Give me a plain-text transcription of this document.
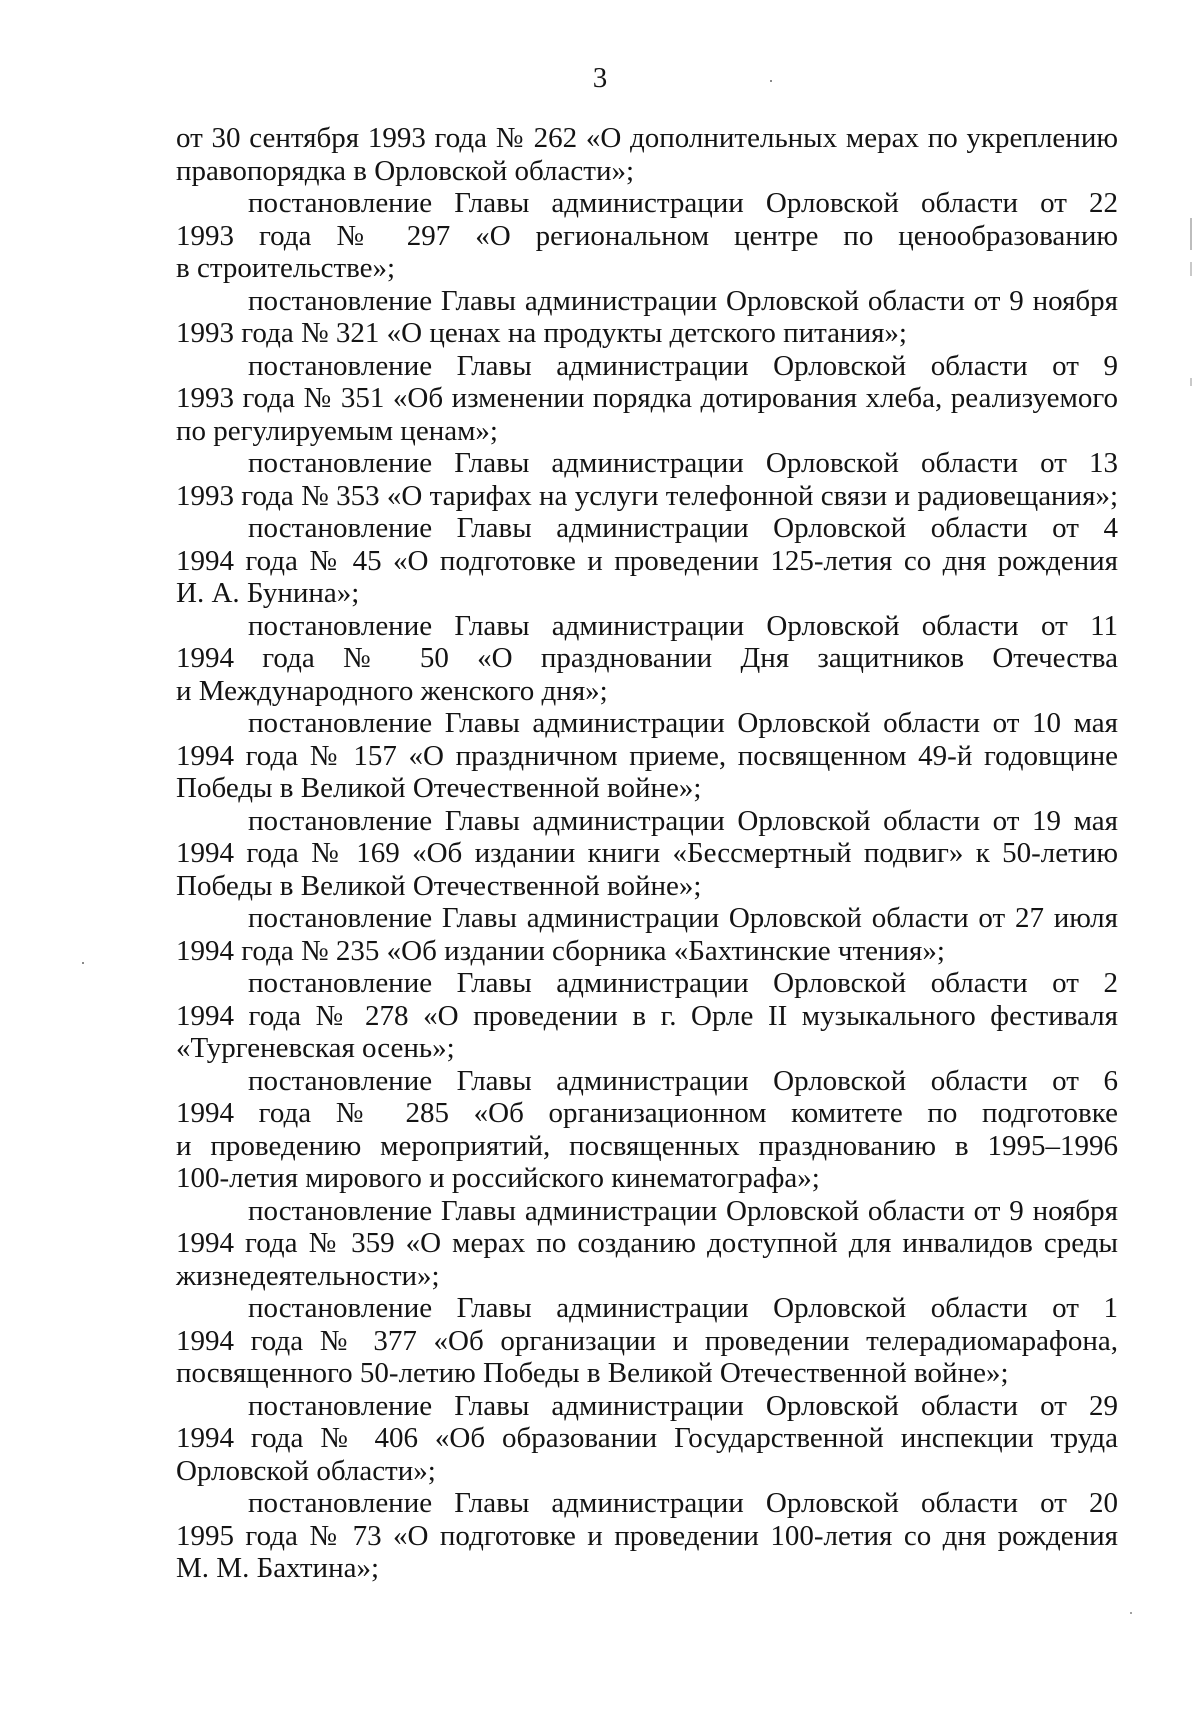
3
от 30 сентября 1993 года № 262 «О дополнительных мерах по укреплению
правопорядка в Орловской области»;
постановление Главы администрации Орловской области от 22
1993 года № 297 «О региональном центре по ценообразованию
в строительстве»;
постановление Главы администрации Орловской области от 9 ноября
1993 года № 321 «О ценах на продукты детского питания»;
постановление Главы администрации Орловской области от 9
1993 года № 351 «Об изменении порядка дотирования хлеба, реализуемого
по регулируемым ценам»;
постановление Главы администрации Орловской области от 13
1993 года № 353 «О тарифах на услуги телефонной связи и радиовещания»;
постановление Главы администрации Орловской области от 4
1994 года № 45 «О подготовке и проведении 125-летия со дня рождения
И. А. Бунина»;
постановление Главы администрации Орловской области от 11
1994 года № 50 «О праздновании Дня защитников Отечества
и Международного женского дня»;
постановление Главы администрации Орловской области от 10 мая
1994 года № 157 «О праздничном приеме, посвященном 49-й годовщине
Победы в Великой Отечественной войне»;
постановление Главы администрации Орловской области от 19 мая
1994 года № 169 «Об издании книги «Бессмертный подвиг» к 50-летию
Победы в Великой Отечественной войне»;
постановление Главы администрации Орловской области от 27 июля
1994 года № 235 «Об издании сборника «Бахтинские чтения»;
постановление Главы администрации Орловской области от 2
1994 года № 278 «О проведении в г. Орле II музыкального фестиваля
«Тургеневская осень»;
постановление Главы администрации Орловской области от 6
1994 года № 285 «Об организационном комитете по подготовке
и проведению мероприятий, посвященных празднованию в 1995–1996
100-летия мирового и российского кинематографа»;
постановление Главы администрации Орловской области от 9 ноября
1994 года № 359 «О мерах по созданию доступной для инвалидов среды
жизнедеятельности»;
постановление Главы администрации Орловской области от 1
1994 года № 377 «Об организации и проведении телерадиомарафона,
посвященного 50-летию Победы в Великой Отечественной войне»;
постановление Главы администрации Орловской области от 29
1994 года № 406 «Об образовании Государственной инспекции труда
Орловской области»;
постановление Главы администрации Орловской области от 20
1995 года № 73 «О подготовке и проведении 100-летия со дня рождения
М. М. Бахтина»;
